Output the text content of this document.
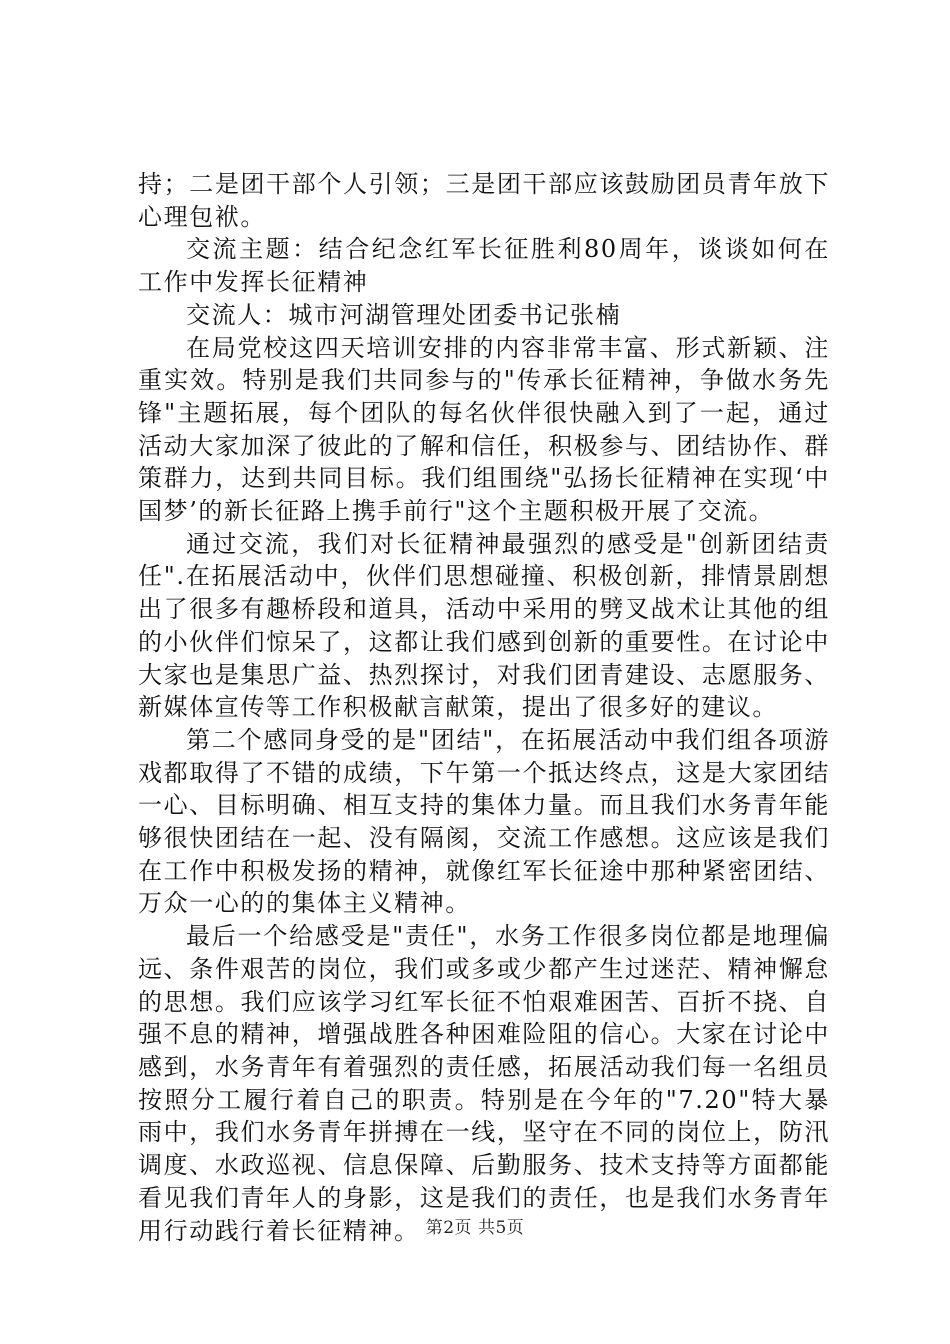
持；二是团干部个人引领；三是团干部应该鼓励团员青年放下心理包袱。

交流主题：结合纪念红军长征胜利80周年，谈谈如何在工作中发挥长征精神

交流人：城市河湖管理处团委书记张楠

在局党校这四天培训安排的内容非常丰富、形式新颖、注重实效。特别是我们共同参与的"传承长征精神，争做水务先锋"主题拓展，每个团队的每名伙伴很快融入到了一起，通过活动大家加深了彼此的了解和信任，积极参与、团结协作、群策群力，达到共同目标。我们组围绕"弘扬长征精神在实现‘中国梦’的新长征路上携手前行"这个主题积极开展了交流。

通过交流，我们对长征精神最强烈的感受是"创新团结责任".在拓展活动中，伙伴们思想碰撞、积极创新，排情景剧想出了很多有趣桥段和道具，活动中采用的劈叉战术让其他的组的小伙伴们惊呆了，这都让我们感到创新的重要性。在讨论中大家也是集思广益、热烈探讨，对我们团青建设、志愿服务、新媒体宣传等工作积极献言献策，提出了很多好的建议。

第二个感同身受的是"团结"，在拓展活动中我们组各项游戏都取得了不错的成绩，下午第一个抵达终点，这是大家团结一心、目标明确、相互支持的集体力量。而且我们水务青年能够很快团结在一起、没有隔阂，交流工作感想。这应该是我们在工作中积极发扬的精神，就像红军长征途中那种紧密团结、万众一心的的集体主义精神。

最后一个给感受是"责任"，水务工作很多岗位都是地理偏远、条件艰苦的岗位，我们或多或少都产生过迷茫、精神懈怠的思想。我们应该学习红军长征不怕艰难困苦、百折不挠、自强不息的精神，增强战胜各种困难险阻的信心。大家在讨论中感到，水务青年有着强烈的责任感，拓展活动我们每一名组员按照分工履行着自己的职责。特别是在今年的"7.20"特大暴雨中，我们水务青年拼搏在一线，坚守在不同的岗位上，防汛调度、水政巡视、信息保障、后勤服务、技术支持等方面都能看见我们青年人的身影，这是我们的责任，也是我们水务青年用行动践行着长征精神。 第2页 共5页
